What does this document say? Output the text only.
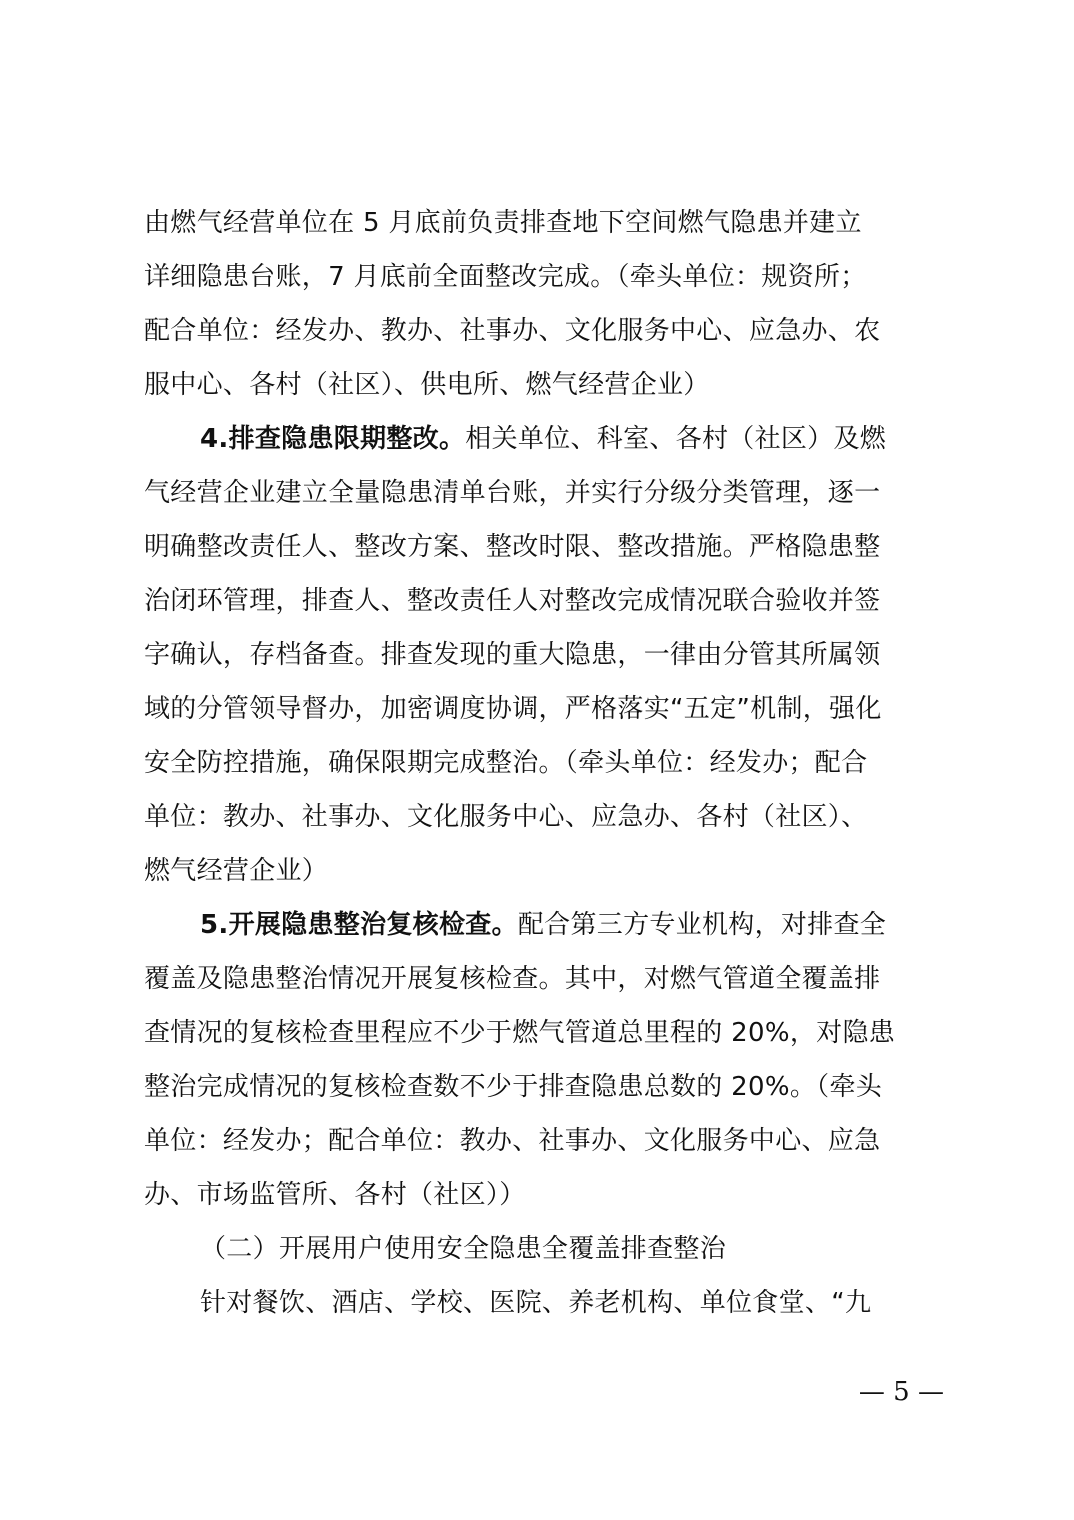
由燃气经营单位在 5 月底前负责排查地下空间燃气隐患并建立
详细隐患台账，7 月底前全面整改完成。（牵头单位：规资所；
配合单位：经发办、教办、社事办、文化服务中心、应急办、农
服中心、各村（社区）、供电所、燃气经营企业）
4.排查隐患限期整改。相关单位、科室、各村（社区）及燃
气经营企业建立全量隐患清单台账，并实行分级分类管理，逐一
明确整改责任人、整改方案、整改时限、整改措施。严格隐患整
治闭环管理，排查人、整改责任人对整改完成情况联合验收并签
字确认，存档备查。排查发现的重大隐患，一律由分管其所属领
域的分管领导督办，加密调度协调，严格落实“五定”机制，强化
安全防控措施，确保限期完成整治。（牵头单位：经发办；配合
单位：教办、社事办、文化服务中心、应急办、各村（社区）、
燃气经营企业）
5.开展隐患整治复核检查。配合第三方专业机构，对排查全
覆盖及隐患整治情况开展复核检查。其中，对燃气管道全覆盖排
查情况的复核检查里程应不少于燃气管道总里程的 20%，对隐患
整治完成情况的复核检查数不少于排查隐患总数的 20%。（牵头
单位：经发办；配合单位：教办、社事办、文化服务中心、应急
办、市场监管所、各村（社区））
（二）开展用户使用安全隐患全覆盖排查整治
针对餐饮、酒店、学校、医院、养老机构、单位食堂、“九
— 5 —
